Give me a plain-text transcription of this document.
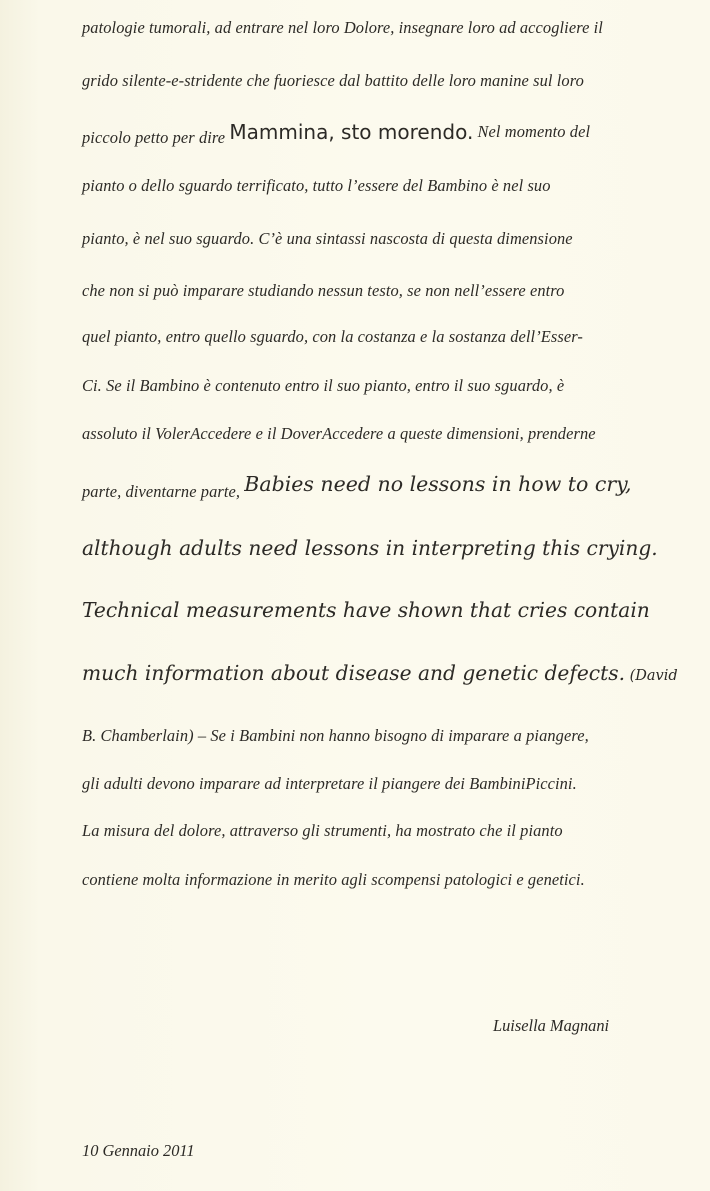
patologie tumorali, ad entrare nel loro Dolore, insegnare loro ad accogliere il
grido silente-e-stridente che fuoriesce dal battito delle loro manine sul loro
piccolo petto per dire Mammina, sto morendo. Nel momento del
pianto o dello sguardo terrificato, tutto l’essere del Bambino è nel suo
pianto, è nel suo sguardo. C’è una sintassi nascosta di questa dimensione
che non si può imparare studiando nessun testo, se non nell’essere entro
quel pianto, entro quello sguardo, con la costanza e la sostanza dell’Esser-
Ci. Se il Bambino è contenuto entro il suo pianto, entro il suo sguardo, è
assoluto il VolerAccedere e il DoverAccedere a queste dimensioni, prenderne
parte, diventarne parte, Babies need no lessons in how to cry,
although adults need lessons in interpreting this crying.
Technical measurements have shown that cries contain
much information about disease and genetic defects. (David
B. Chamberlain) – Se i Bambini non hanno bisogno di imparare a piangere,
gli adulti devono imparare ad interpretare il piangere dei BambiniPiccini.
La misura del dolore, attraverso gli strumenti, ha mostrato che il pianto
contiene molta informazione in merito agli scompensi patologici e genetici.
Luisella Magnani
10 Gennaio 2011
